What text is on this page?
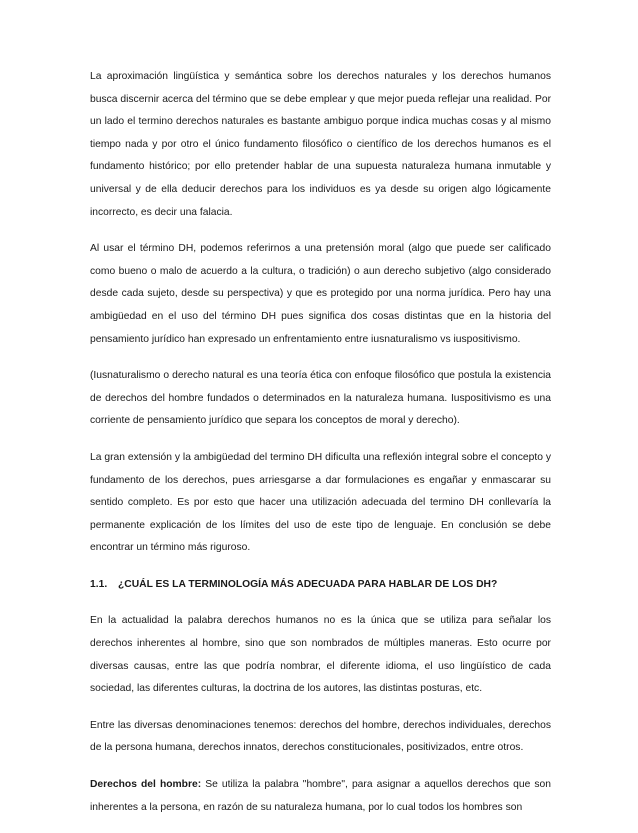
La aproximación lingüística y semántica sobre los derechos naturales y los derechos humanos busca discernir acerca del término que se debe emplear y que mejor pueda reflejar una realidad. Por un lado el termino derechos naturales es bastante ambiguo porque indica muchas cosas y al mismo tiempo nada y por otro el único fundamento filosófico o científico de los derechos humanos es el fundamento histórico; por ello pretender hablar de una supuesta naturaleza humana inmutable y universal y de ella deducir derechos para los individuos es ya desde su origen algo lógicamente incorrecto, es decir una falacia.

Al usar el término DH, podemos referirnos a una pretensión moral (algo que puede ser calificado como bueno o malo de acuerdo a la cultura, o tradición) o aun derecho subjetivo (algo considerado desde cada sujeto, desde su perspectiva) y que es protegido por una norma jurídica. Pero hay una ambigüedad en el uso del término DH pues significa dos cosas distintas que en la historia del pensamiento jurídico han expresado un enfrentamiento entre iusnaturalismo vs iuspositivismo.

(Iusnaturalismo o derecho natural es una teoría ética con enfoque filosófico que postula la existencia de derechos del hombre fundados o determinados en la naturaleza humana. Iuspositivismo es una corriente de pensamiento jurídico que separa los conceptos de moral y derecho).

La gran extensión y la ambigüedad del termino DH dificulta una reflexión integral sobre el concepto y fundamento de los derechos, pues arriesgarse a dar formulaciones es engañar y enmascarar su sentido completo. Es por esto que hacer una utilización adecuada del termino DH conllevaría la permanente explicación de los límites del uso de este tipo de lenguaje. En conclusión se debe encontrar un término más riguroso.

1.1.	¿CUÁL ES LA TERMINOLOGÍA MÁS ADECUADA PARA HABLAR DE LOS DH?

En la actualidad la palabra derechos humanos no es la única que se utiliza para señalar los derechos inherentes al hombre, sino que son nombrados de múltiples maneras. Esto ocurre por diversas causas, entre las que podría nombrar, el diferente idioma, el uso lingüístico de cada sociedad, las diferentes culturas, la doctrina de los autores, las distintas posturas, etc.

Entre las diversas denominaciones tenemos: derechos del hombre, derechos individuales, derechos de la persona humana, derechos innatos, derechos constitucionales, positivizados, entre otros.

Derechos del hombre: Se utiliza la palabra "hombre", para asignar a aquellos derechos que son inherentes a la persona, en razón de su naturaleza humana, por lo cual todos los hombres son
